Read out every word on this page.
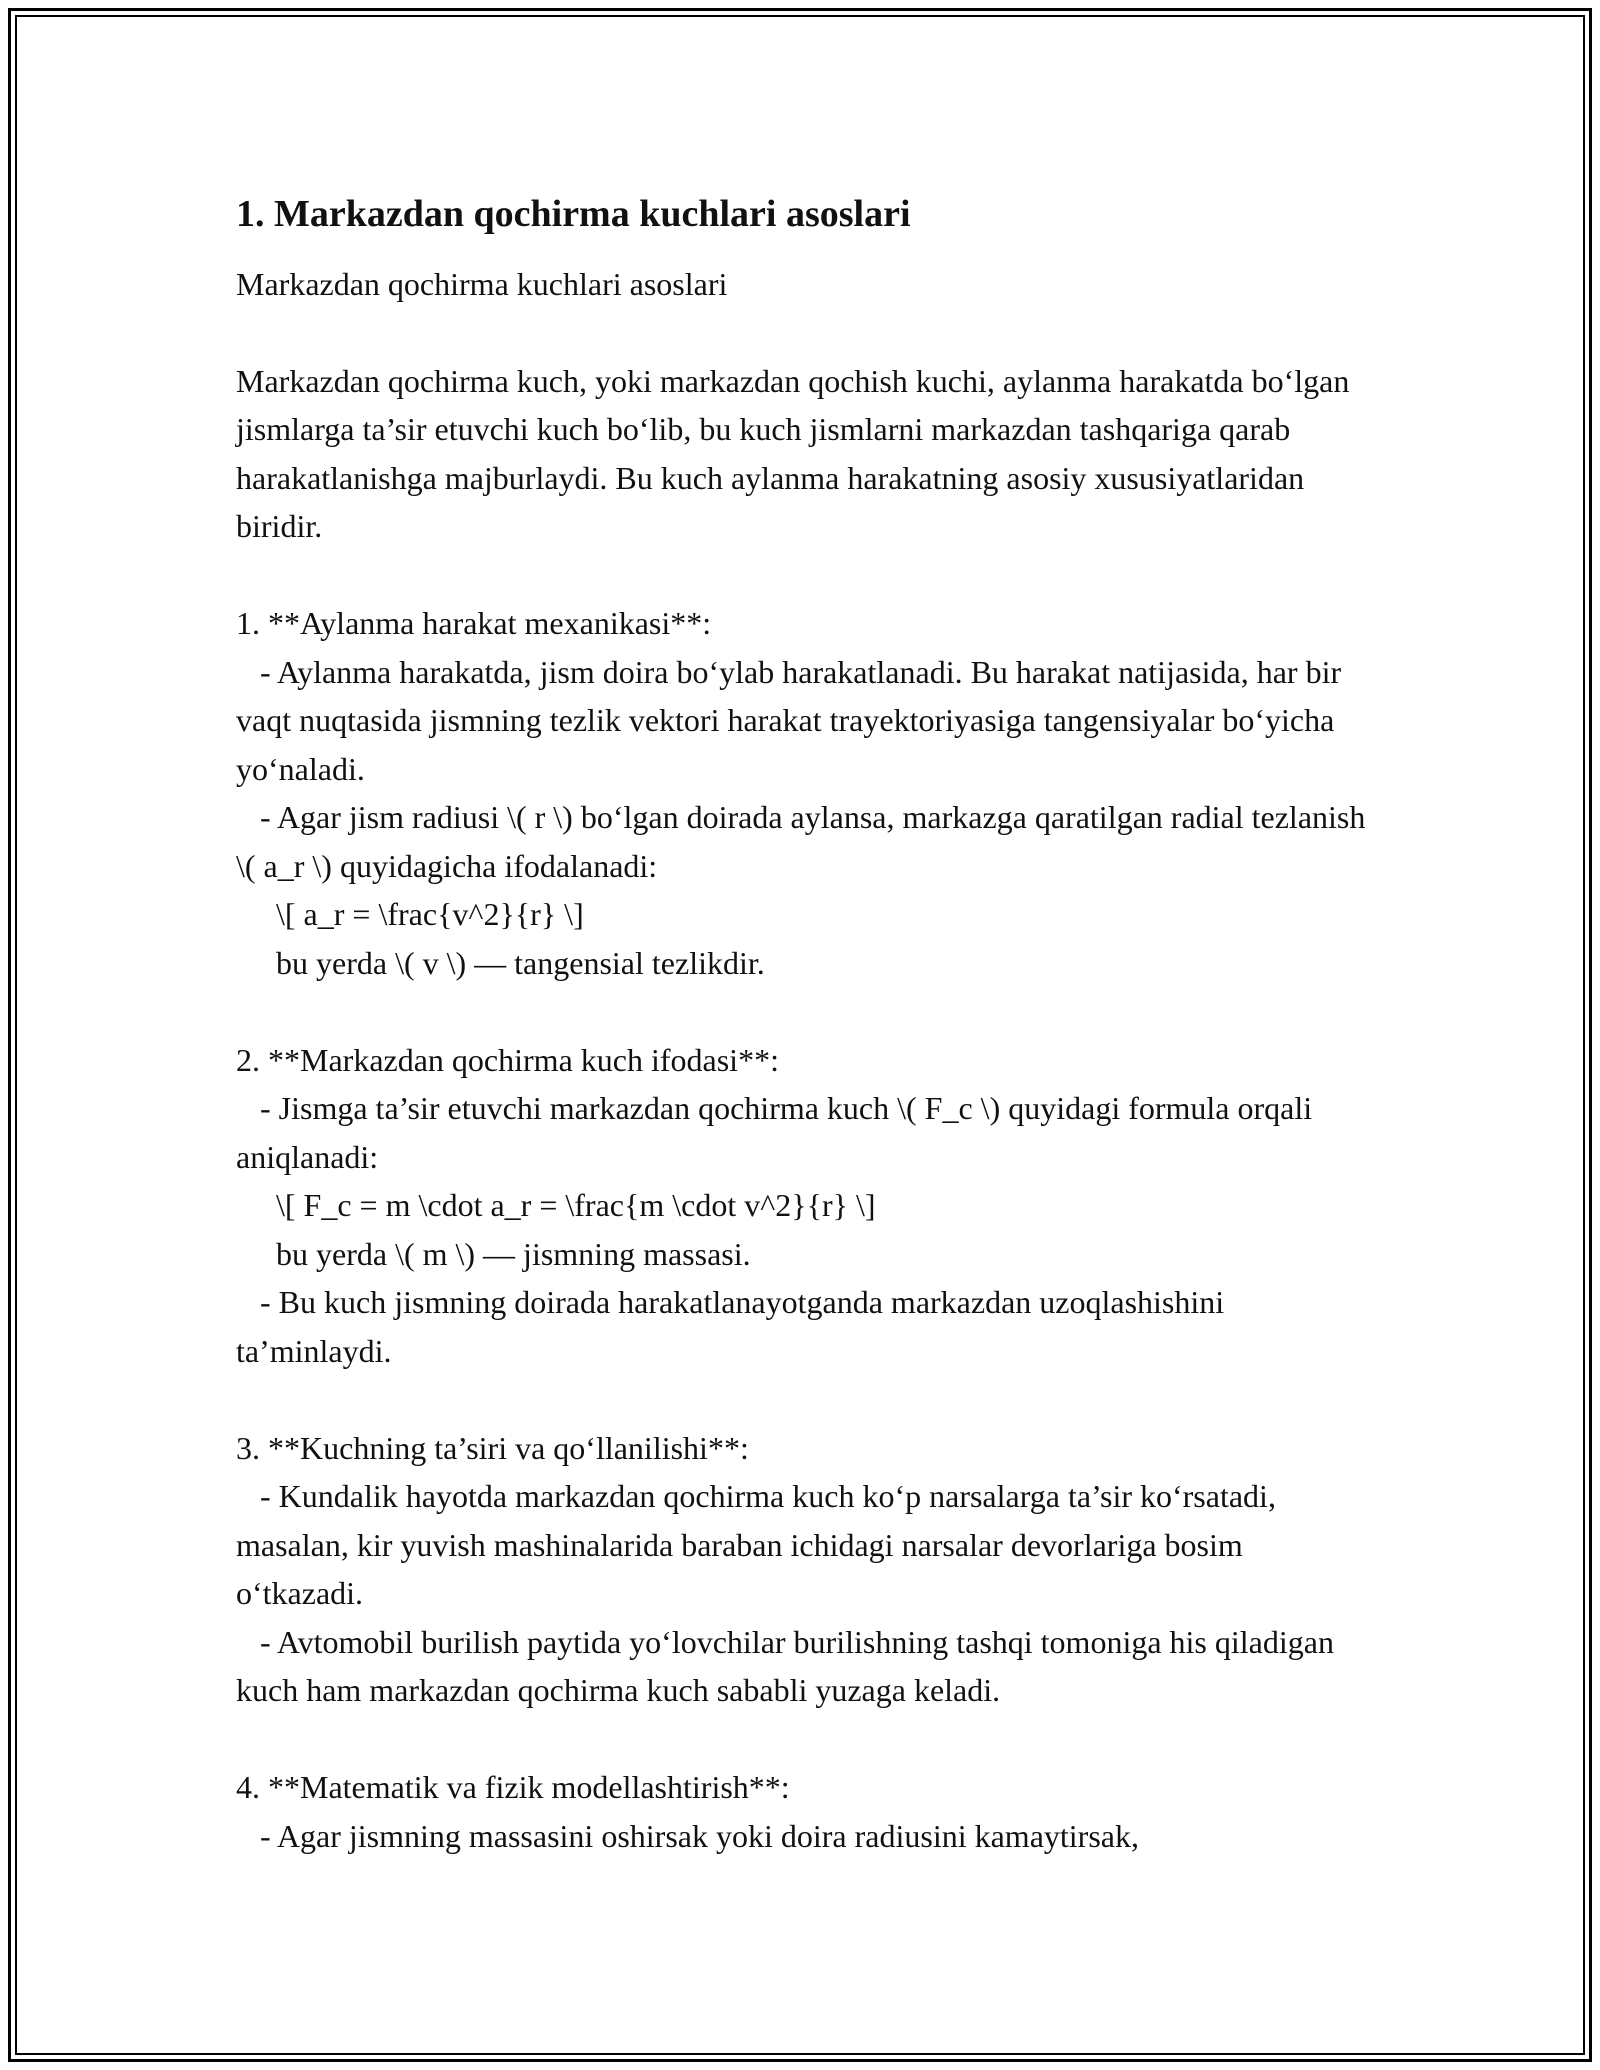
1. Markazdan qochirma kuchlari asoslari

Markazdan qochirma kuchlari asoslari

Markazdan qochirma kuch, yoki markazdan qochish kuchi, aylanma harakatda bo‘lgan jismlarga ta’sir etuvchi kuch bo‘lib, bu kuch jismlarni markazdan tashqariga qarab harakatlanishga majburlaydi. Bu kuch aylanma harakatning asosiy xususiyatlaridan biridir.

1. **Aylanma harakat mexanikasi**:

- Aylanma harakatda, jism doira bo‘ylab harakatlanadi. Bu harakat natijasida, har bir vaqt nuqtasida jismning tezlik vektori harakat trayektoriyasiga tangensiyalar bo‘yicha yo‘naladi.
- Agar jism radiusi \( r \) bo‘lgan doirada aylansa, markazga qaratilgan radial tezlanish \( a_r \) quyidagicha ifodalanadi:
\[ a_r = \frac{v^2}{r} \]
bu yerda \( v \) — tangensial tezlikdir.

2. **Markazdan qochirma kuch ifodasi**:

- Jismga ta’sir etuvchi markazdan qochirma kuch \( F_c \) quyidagi formula orqali aniqlanadi:
\[ F_c = m \cdot a_r = \frac{m \cdot v^2}{r} \]
bu yerda \( m \) — jismning massasi.
- Bu kuch jismning doirada harakatlanayotganda markazdan uzoqlashishini ta’minlaydi.

3. **Kuchning ta’siri va qo‘llanilishi**:

- Kundalik hayotda markazdan qochirma kuch ko‘p narsalarga ta’sir ko‘rsatadi, masalan, kir yuvish mashinalarida baraban ichidagi narsalar devorlariga bosim o‘tkazadi.
- Avtomobil burilish paytida yo‘lovchilar burilishning tashqi tomoniga his qiladigan kuch ham markazdan qochirma kuch sababli yuzaga keladi.

4. **Matematik va fizik modellashtirish**:

- Agar jismning massasini oshirsak yoki doira radiusini kamaytirsak,
